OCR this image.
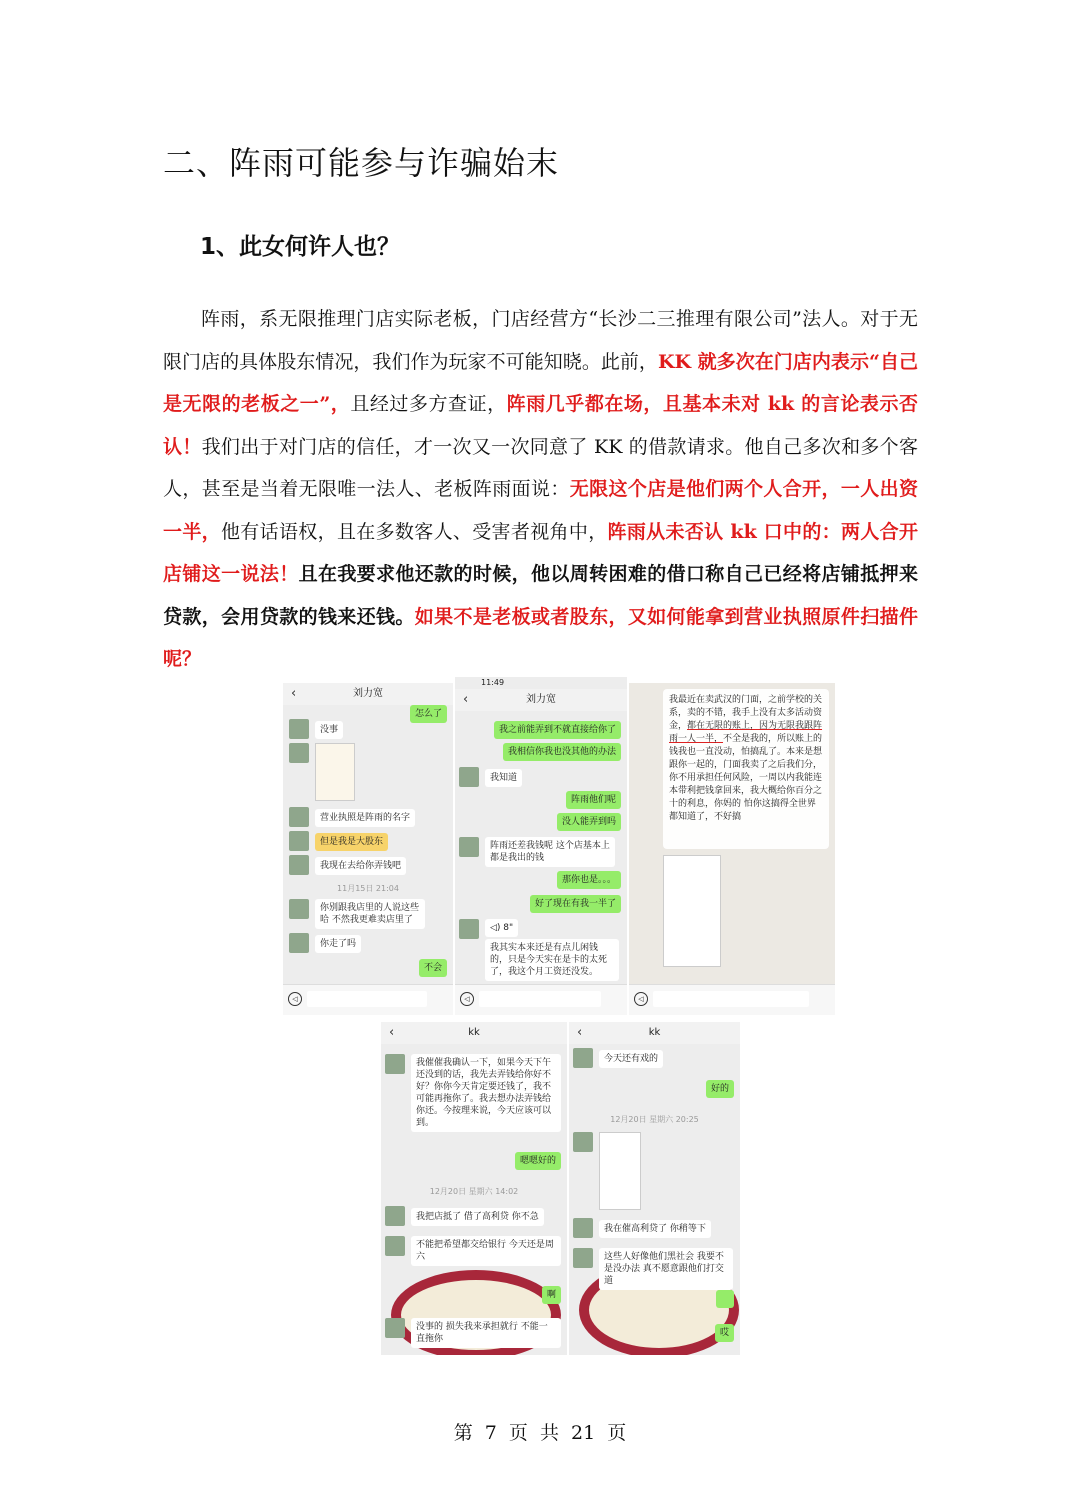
二、阵雨可能参与诈骗始末
1、此女何许人也？

阵雨，系无限推理门店实际老板，门店经营方“长沙二三推理有限公司”法人。对于无限门店的具体股东情况，我们作为玩家不可能知晓。此前，KK 就多次在门店内表示“自己是无限的老板之一”，且经过多方查证，阵雨几乎都在场，且基本未对 kk 的言论表示否认！我们出于对门店的信任，才一次又一次同意了 KK 的借款请求。他自己多次和多个客人，甚至是当着无限唯一法人、老板阵雨面说：无限这个店是他们两个人合开，一人出资一半，他有话语权，且在多数客人、受害者视角中，阵雨从未否认 kk 口中的：两人合开店铺这一说法！且在我要求他还款的时候，他以周转困难的借口称自己已经将店铺抵押来贷款，会用贷款的钱来还钱。如果不是老板或者股东，又如何能拿到营业执照原件扫描件呢？

‹	刘力宽
怎么了
没事
营业执照是阵雨的名字
但是我是大股东
我现在去给你弄钱吧
11月15日 21:04
你别跟我店里的人说这些哈 不然我更难卖店里了
你走了吗
不会
◁
11:49
‹	刘力宽
我之前能弄到不就直接给你了
我相信你我也没其他的办法
我知道
阵雨他们呢
没人能弄到吗
阵雨还差我钱呢 这个店基本上都是我出的钱
那你也是。。。
好了现在有我一半了
◁) 8"
我其实本来还是有点儿闲钱的，只是今天实在是卡的太死了，我这个月工资还没发。
◁
我最近在卖武汉的门面，之前学校的关系，卖的不错，我手上没有太多活动资金，都在无限的账上，因为无限我跟阵雨一人一半，不全是我的，所以账上的钱我也一直没动，怕搞乱了。本来是想跟你一起的，门面我卖了之后我们分，你不用承担任何风险，一周以内我能连本带利把钱拿回来，我大概给你百分之十的利息，你妈的 怕你这搞得全世界都知道了，不好搞
◁
‹	kk
我催催我确认一下，如果今天下午还没到的话，我先去弄钱给你好不好？你你今天肯定要还钱了，我不可能再拖你了。我去想办法弄钱给你还。今按理来说，今天应该可以到。
嗯嗯好的
12月20日 星期六 14:02
我把店抵了 借了高利贷 你不急
不能把希望都交给银行 今天还是周六
啊
没事的 损失我来承担就行 不能一直拖你
‹	kk
今天还有戏的
好的
12月20日 星期六 20:25
我在催高利贷了 你稍等下
这些人好像他们黑社会 我要不是没办法 真不愿意跟他们打交道
哎
第 7 页 共 21 页
